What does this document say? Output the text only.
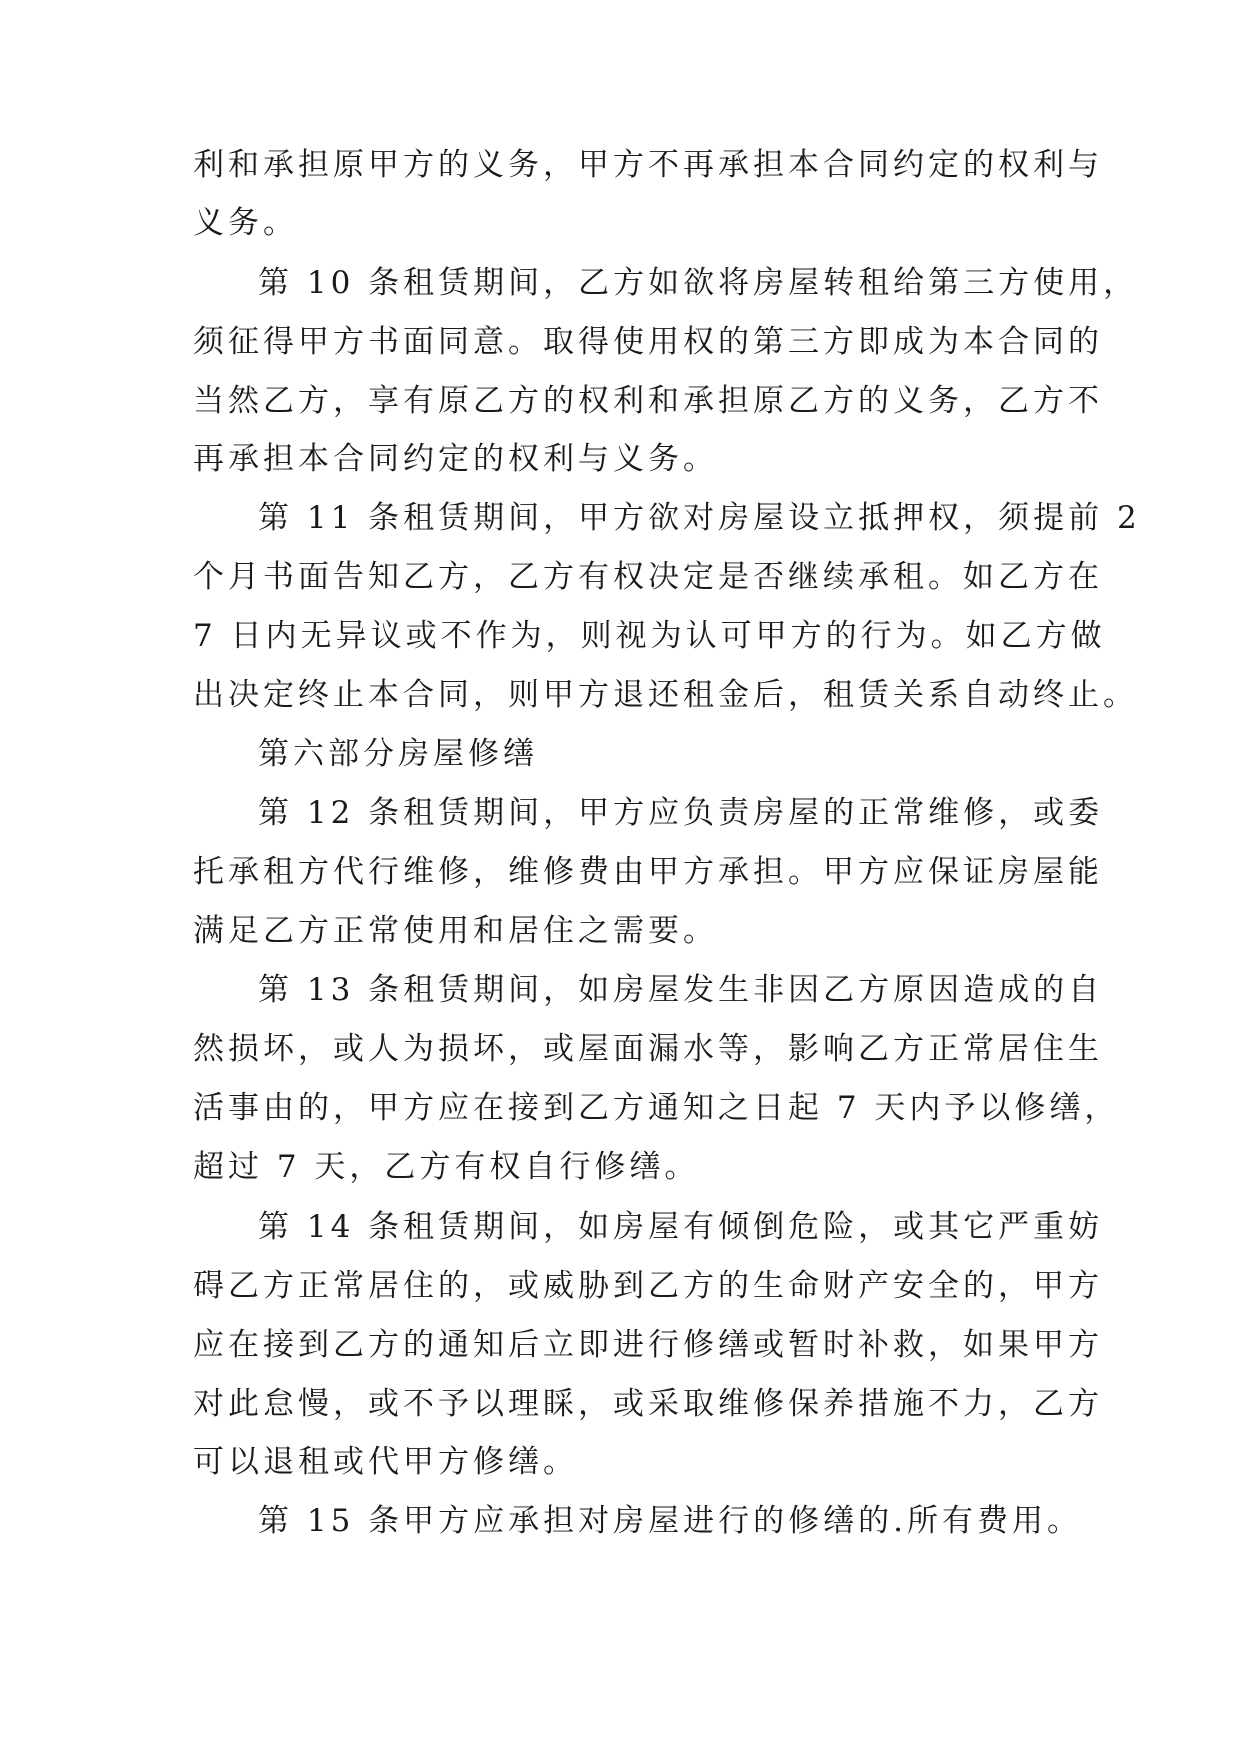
利和承担原甲方的义务，甲方不再承担本合同约定的权利与
义务。
第 10 条租赁期间，乙方如欲将房屋转租给第三方使用，
须征得甲方书面同意。取得使用权的第三方即成为本合同的
当然乙方，享有原乙方的权利和承担原乙方的义务，乙方不
再承担本合同约定的权利与义务。
第 11 条租赁期间，甲方欲对房屋设立抵押权，须提前 2
个月书面告知乙方，乙方有权决定是否继续承租。如乙方在
7 日内无异议或不作为，则视为认可甲方的行为。如乙方做
出决定终止本合同，则甲方退还租金后，租赁关系自动终止。
第六部分房屋修缮
第 12 条租赁期间，甲方应负责房屋的正常维修，或委
托承租方代行维修，维修费由甲方承担。甲方应保证房屋能
满足乙方正常使用和居住之需要。
第 13 条租赁期间，如房屋发生非因乙方原因造成的自
然损坏，或人为损坏，或屋面漏水等，影响乙方正常居住生
活事由的，甲方应在接到乙方通知之日起 7 天内予以修缮，
超过 7 天，乙方有权自行修缮。
第 14 条租赁期间，如房屋有倾倒危险，或其它严重妨
碍乙方正常居住的，或威胁到乙方的生命财产安全的，甲方
应在接到乙方的通知后立即进行修缮或暂时补救，如果甲方
对此怠慢，或不予以理睬，或采取维修保养措施不力，乙方
可以退租或代甲方修缮。
第 15 条甲方应承担对房屋进行的修缮的.所有费用。
